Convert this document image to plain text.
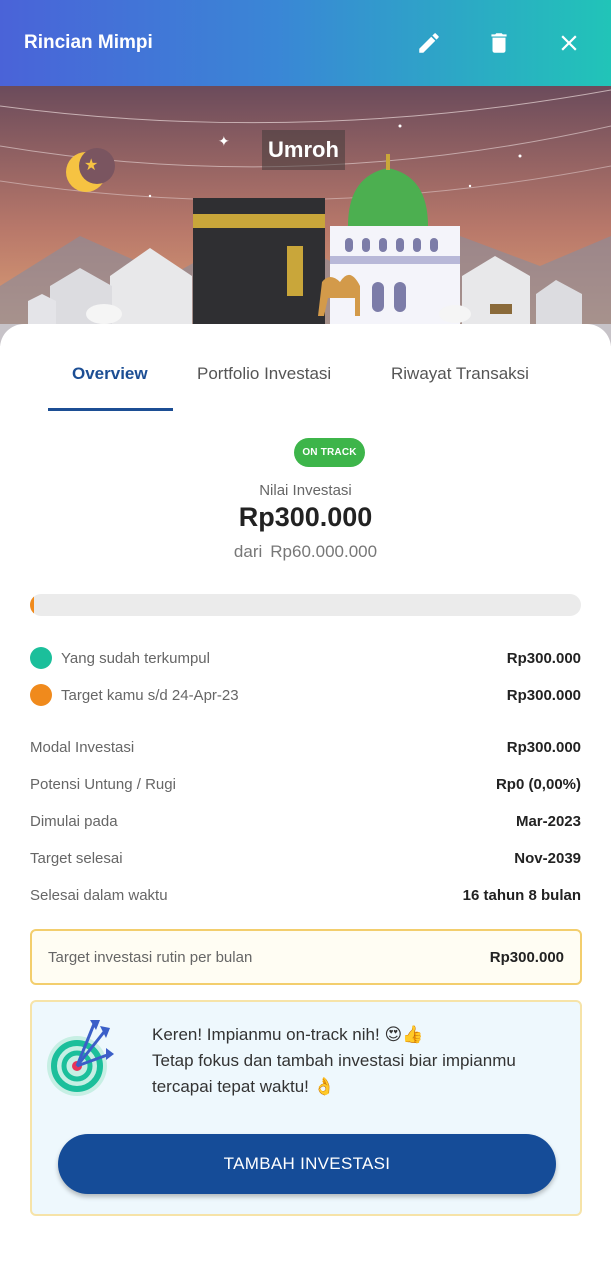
Rincian Mimpi
✦
★
Umroh
Overview	Portfolio Investasi	Riwayat Transaksi
ON TRACK
Nilai Investasi
Rp300.000
dari Rp60.000.000
Yang sudah terkumpul	Rp300.000
Target kamu s/d 24-Apr-23	Rp300.000
Modal Investasi	Rp300.000
Potensi Untung / Rugi	Rp0 (0,00%)
Dimulai pada	Mar-2023
Target selesai	Nov-2039
Selesai dalam waktu	16 tahun 8 bulan
Target investasi rutin per bulan	Rp300.000
Keren! Impianmu on-track nih! 😍👍
Tetap fokus dan tambah investasi biar impianmu tercapai tepat waktu! 👌
TAMBAH INVESTASI
